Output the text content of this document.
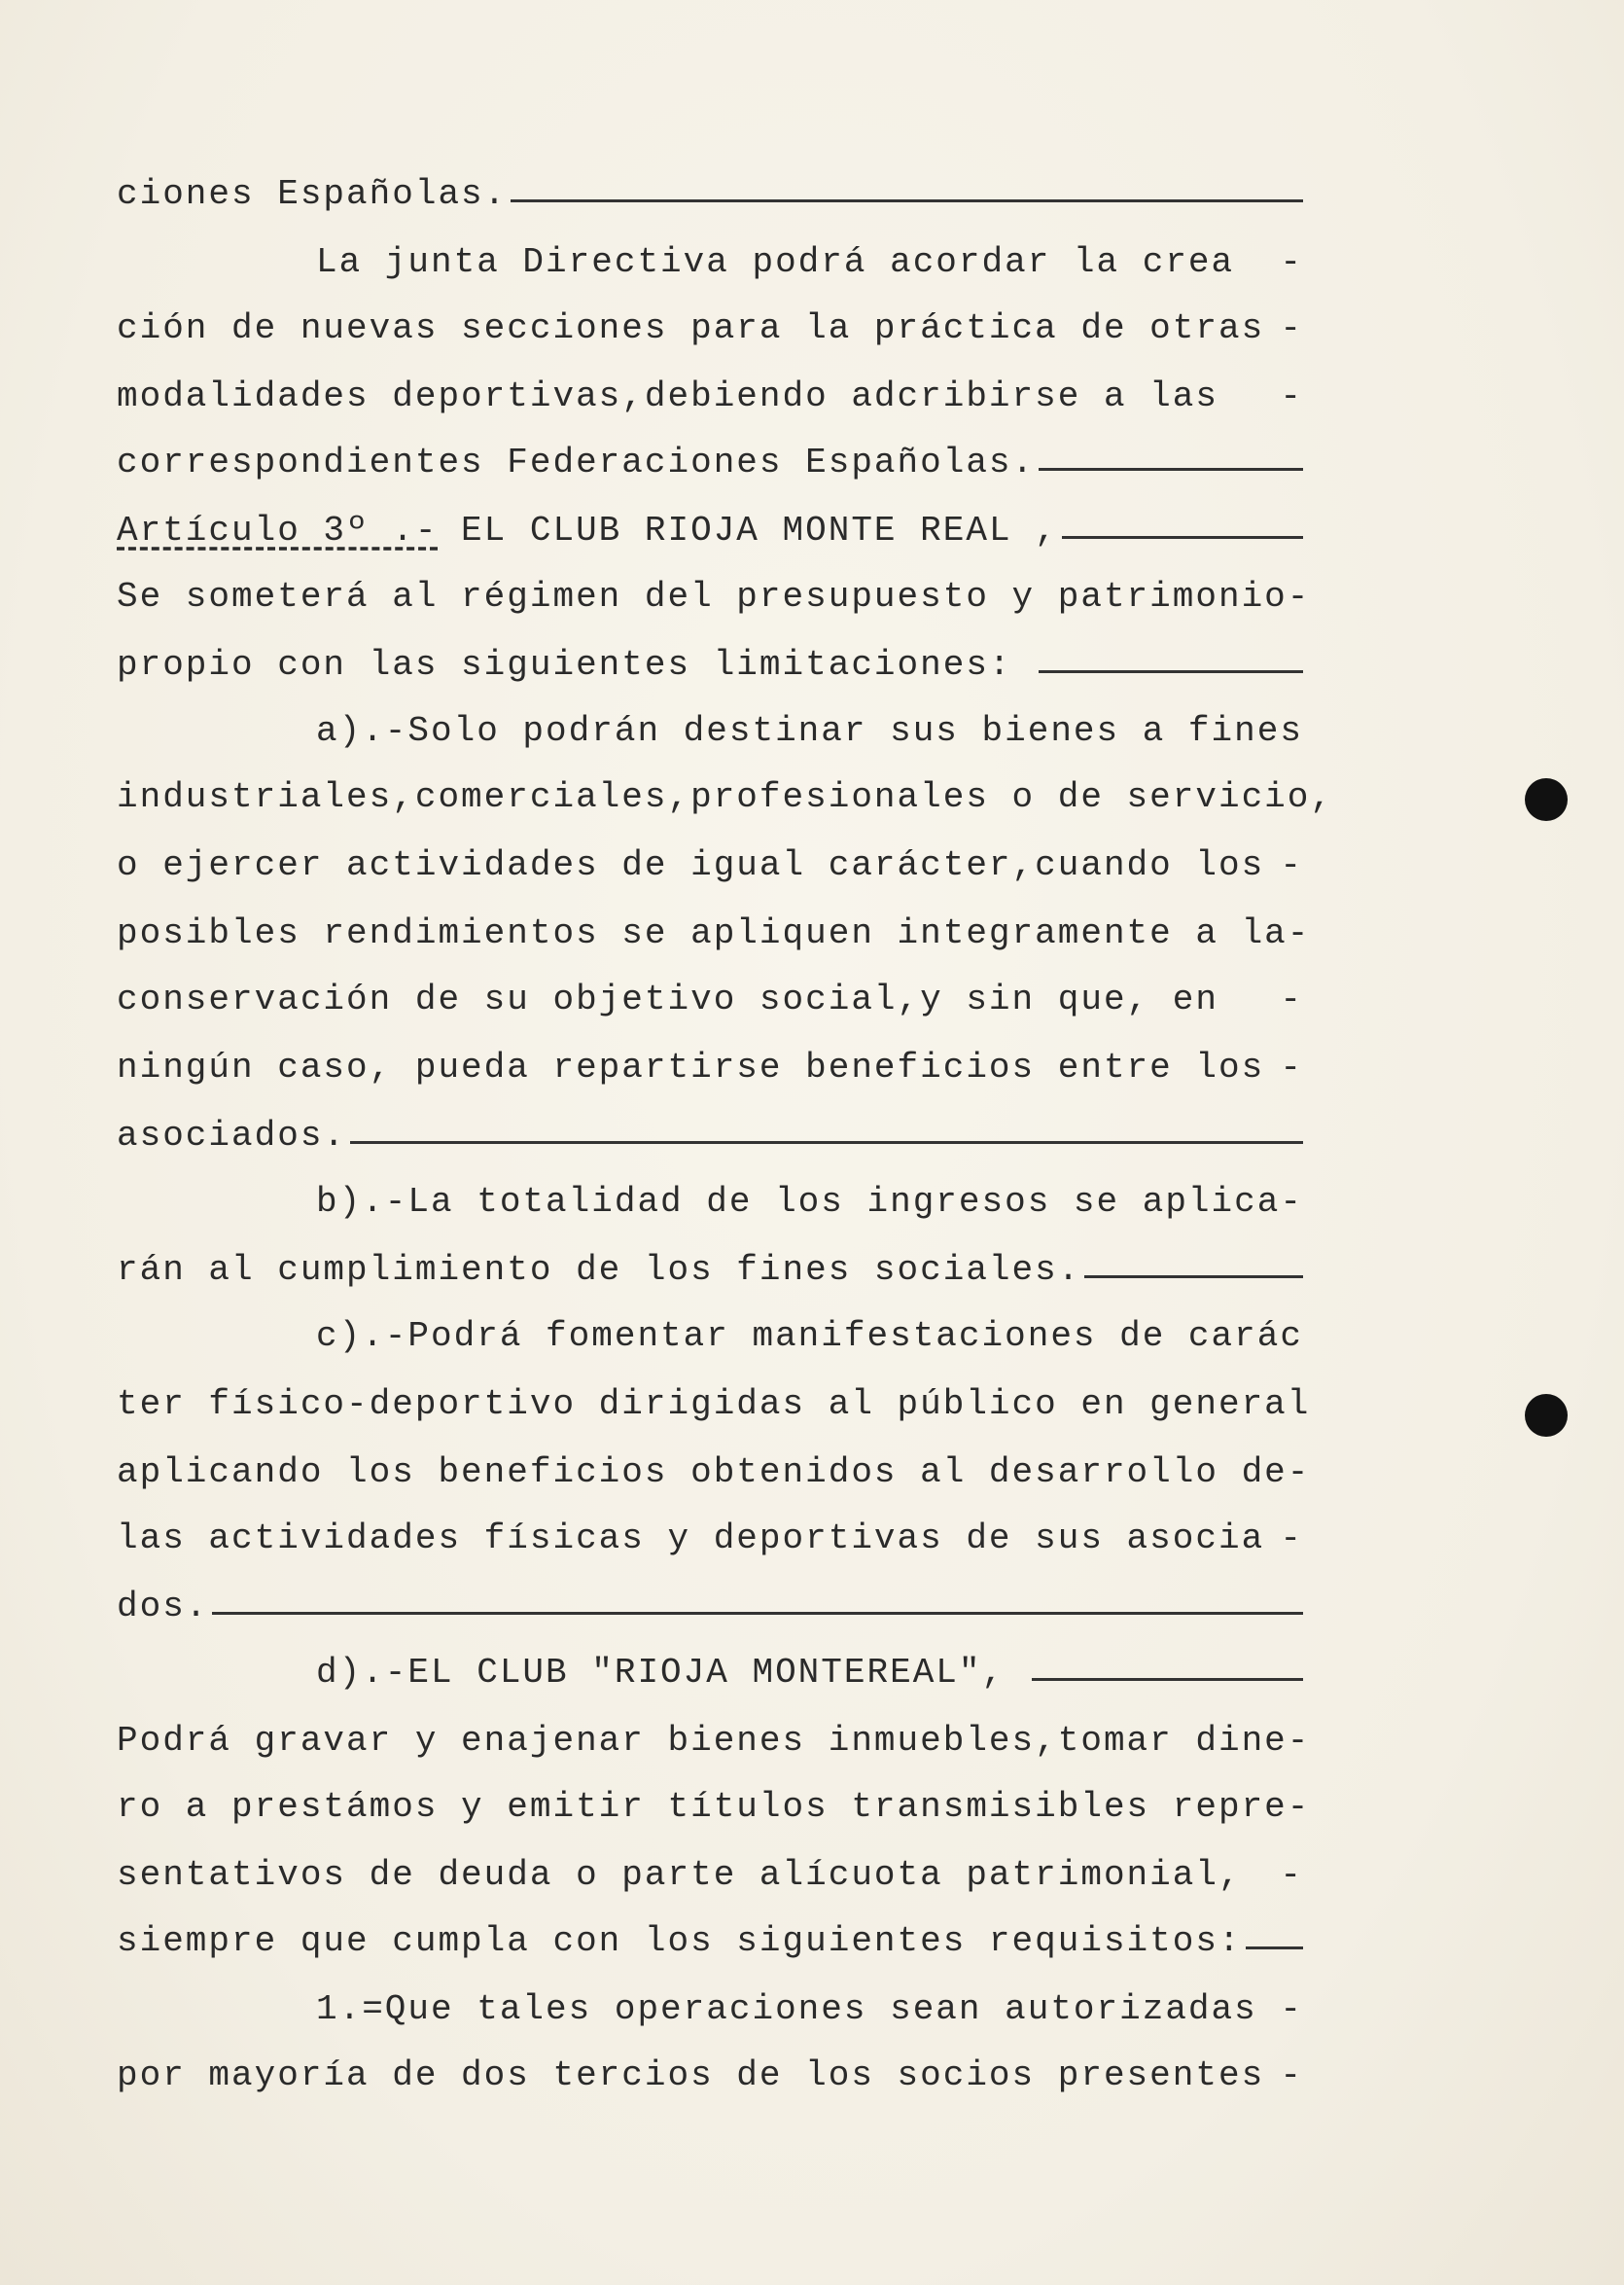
ciones Españolas.
La junta Directiva podrá acordar la crea -
ción de nuevas secciones para la práctica de otras -
modalidades deportivas,debiendo adcribirse a las -
correspondientes Federaciones Españolas.
Artículo 3º .- EL CLUB RIOJA MONTE REAL ,
Se someterá al régimen del presupuesto y patrimonio-
propio con las siguientes limitaciones:
a).-Solo podrán destinar sus bienes a fines
industriales,comerciales,profesionales o de servicio,
o ejercer actividades de igual carácter,cuando los -
posibles rendimientos se apliquen integramente a la-
conservación de su objetivo social,y sin que, en -
ningún caso, pueda repartirse beneficios entre los -
asociados.
b).-La totalidad de los ingresos se aplica-
rán al cumplimiento de los fines sociales.
c).-Podrá fomentar manifestaciones de carác
ter físico-deportivo dirigidas al público en general
aplicando los beneficios obtenidos al desarrollo de-
las actividades físicas y deportivas de sus asocia -
dos.
d).-EL CLUB "RIOJA MONTEREAL",
Podrá gravar y enajenar bienes inmuebles,tomar dine-
ro a prestámos y emitir títulos transmisibles repre-
sentativos de deuda o parte alícuota patrimonial, -
siempre que cumpla con los siguientes requisitos:
1.=Que tales operaciones sean autorizadas -
por mayoría de dos tercios de los socios presentes -
